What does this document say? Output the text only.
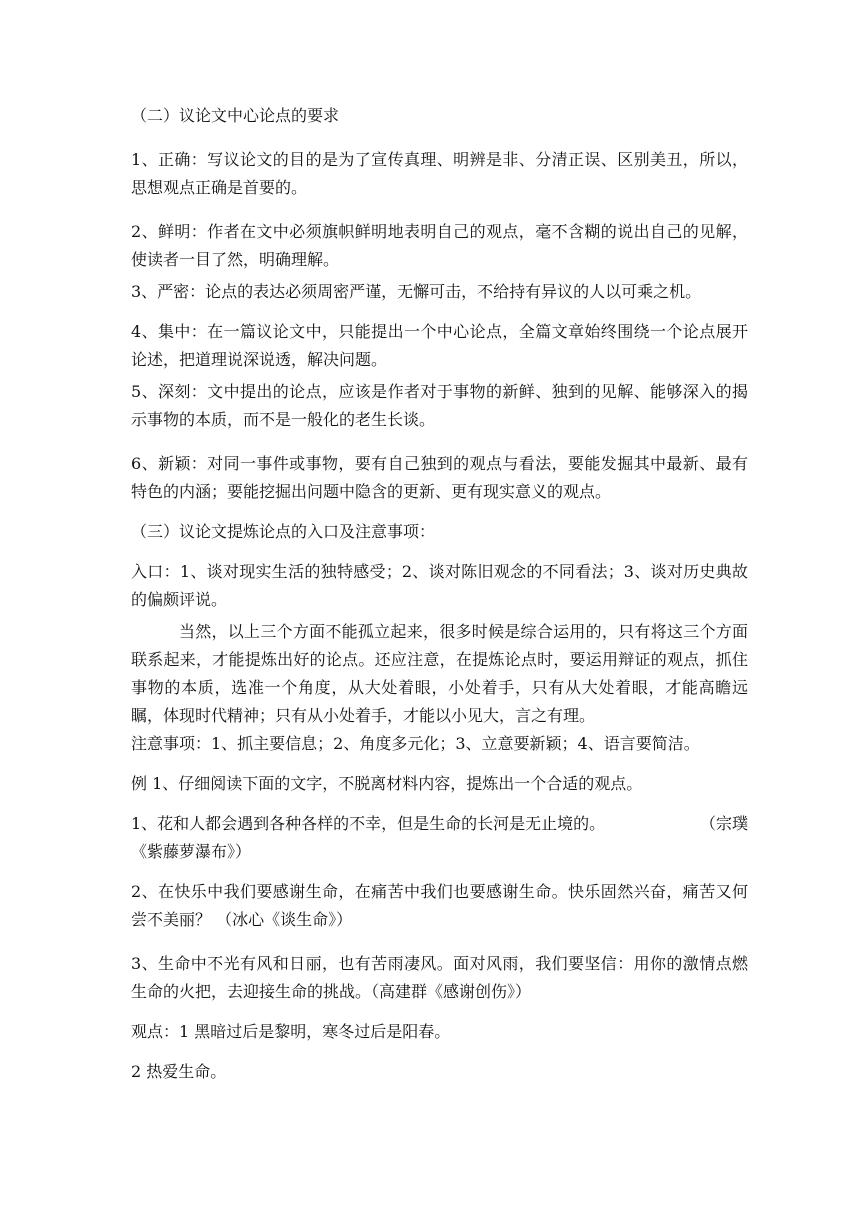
（二）议论文中心论点的要求
1、正确：写议论文的目的是为了宣传真理、明辨是非、分清正误、区别美丑，所以，思想观点正确是首要的。
2、鲜明：作者在文中必须旗帜鲜明地表明自己的观点，毫不含糊的说出自己的见解，使读者一目了然，明确理解。
3、严密：论点的表达必须周密严谨，无懈可击，不给持有异议的人以可乘之机。
4、集中：在一篇议论文中，只能提出一个中心论点，全篇文章始终围绕一个论点展开论述，把道理说深说透，解决问题。
5、深刻：文中提出的论点，应该是作者对于事物的新鲜、独到的见解、能够深入的揭示事物的本质，而不是一般化的老生长谈。
6、新颖：对同一事件或事物，要有自己独到的观点与看法，要能发掘其中最新、最有特色的内涵；要能挖掘出问题中隐含的更新、更有现实意义的观点。
（三）议论文提炼论点的入口及注意事项：
入口：1、谈对现实生活的独特感受；2、谈对陈旧观念的不同看法；3、谈对历史典故的偏颇评说。
当然，以上三个方面不能孤立起来，很多时候是综合运用的，只有将这三个方面联系起来，才能提炼出好的论点。还应注意，在提炼论点时，要运用辩证的观点，抓住事物的本质，选准一个角度，从大处着眼，小处着手，只有从大处着眼，才能高瞻远瞩，体现时代精神；只有从小处着手，才能以小见大，言之有理。
注意事项：1、抓主要信息；2、角度多元化；3、立意要新颖；4、语言要简洁。
例 1、仔细阅读下面的文字，不脱离材料内容，提炼出一个合适的观点。
（宗璞
1、花和人都会遇到各种各样的不幸，但是生命的长河是无止境的。
《紫藤萝瀑布》）
2、在快乐中我们要感谢生命，在痛苦中我们也要感谢生命。快乐固然兴奋，痛苦又何尝不美丽？ （冰心《谈生命》）
3、生命中不光有风和日丽，也有苦雨凄风。面对风雨，我们要坚信：用你的激情点燃生命的火把，去迎接生命的挑战。（高建群《感谢创伤》）
观点：1 黑暗过后是黎明，寒冬过后是阳春。
2 热爱生命。
